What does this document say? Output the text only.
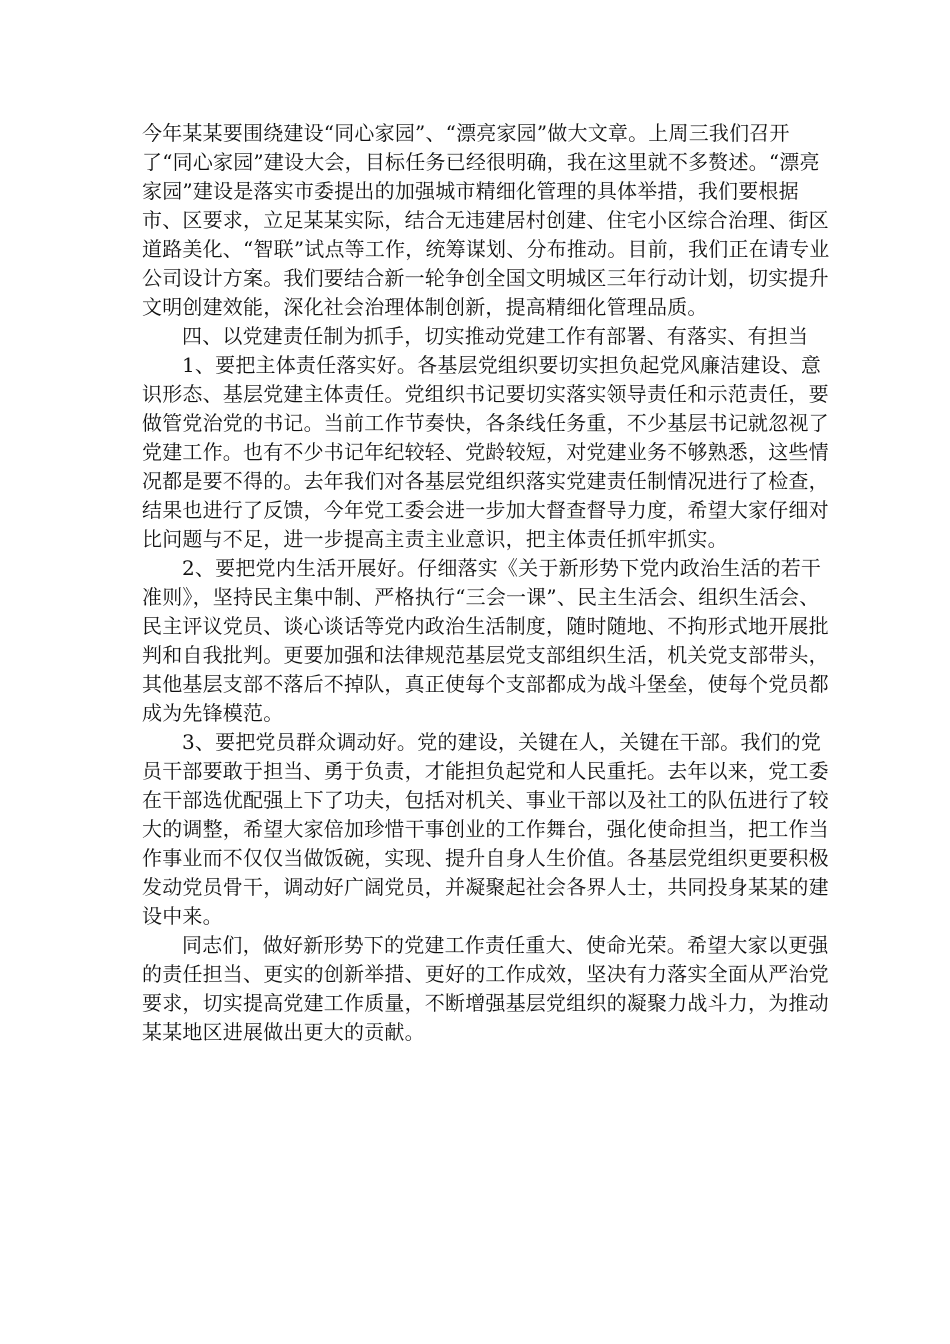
今年某某要围绕建设“同心家园”、“漂亮家园”做大文章。上周三我们召开了“同心家园”建设大会，目标任务已经很明确，我在这里就不多赘述。“漂亮家园”建设是落实市委提出的加强城市精细化管理的具体举措，我们要根据市、区要求，立足某某实际，结合无违建居村创建、住宅小区综合治理、街区道路美化、“智联”试点等工作，统筹谋划、分布推动。目前，我们正在请专业公司设计方案。我们要结合新一轮争创全国文明城区三年行动计划，切实提升文明创建效能，深化社会治理体制创新，提高精细化管理品质。

四、以党建责任制为抓手，切实推动党建工作有部署、有落实、有担当

1、要把主体责任落实好。各基层党组织要切实担负起党风廉洁建设、意识形态、基层党建主体责任。党组织书记要切实落实领导责任和示范责任，要做管党治党的书记。当前工作节奏快，各条线任务重，不少基层书记就忽视了党建工作。也有不少书记年纪较轻、党龄较短，对党建业务不够熟悉，这些情况都是要不得的。去年我们对各基层党组织落实党建责任制情况进行了检查，结果也进行了反馈，今年党工委会进一步加大督查督导力度，希望大家仔细对比问题与不足，进一步提高主责主业意识，把主体责任抓牢抓实。

2、要把党内生活开展好。仔细落实《关于新形势下党内政治生活的若干准则》，坚持民主集中制、严格执行“三会一课”、民主生活会、组织生活会、民主评议党员、谈心谈话等党内政治生活制度，随时随地、不拘形式地开展批判和自我批判。更要加强和法律规范基层党支部组织生活，机关党支部带头，其他基层支部不落后不掉队，真正使每个支部都成为战斗堡垒，使每个党员都成为先锋模范。

3、要把党员群众调动好。党的建设，关键在人，关键在干部。我们的党员干部要敢于担当、勇于负责，才能担负起党和人民重托。去年以来，党工委在干部选优配强上下了功夫，包括对机关、事业干部以及社工的队伍进行了较大的调整，希望大家倍加珍惜干事创业的工作舞台，强化使命担当，把工作当作事业而不仅仅当做饭碗，实现、提升自身人生价值。各基层党组织更要积极发动党员骨干，调动好广阔党员，并凝聚起社会各界人士，共同投身某某的建设中来。

同志们，做好新形势下的党建工作责任重大、使命光荣。希望大家以更强的责任担当、更实的创新举措、更好的工作成效，坚决有力落实全面从严治党要求，切实提高党建工作质量，不断增强基层党组织的凝聚力战斗力，为推动某某地区进展做出更大的贡献。
